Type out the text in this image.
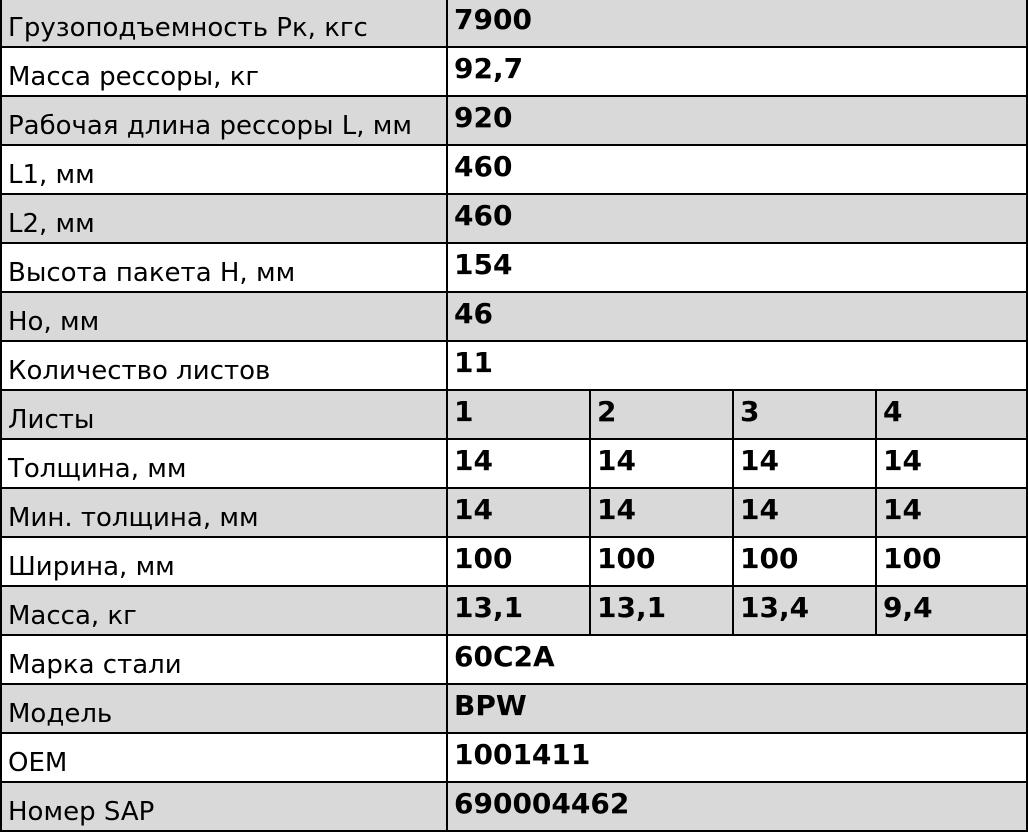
Грузоподъемность Pк, кгс	7900			
Масса рессоры, кг	92,7			
Рабочая длина рессоры L, мм	920			
L1, мм	460			
L2, мм	460			
Высота пакета H, мм	154			
Ho, мм	46			
Количество листов	11			
Листы	1	2	3	4
Толщина, мм	14	14	14	14
Мин. толщина, мм	14	14	14	14
Ширина, мм	100	100	100	100
Масса, кг	13,1	13,1	13,4	9,4
Марка стали	60С2А			
Модель	BPW			
OEM	1001411			
Номер SAP	690004462			
